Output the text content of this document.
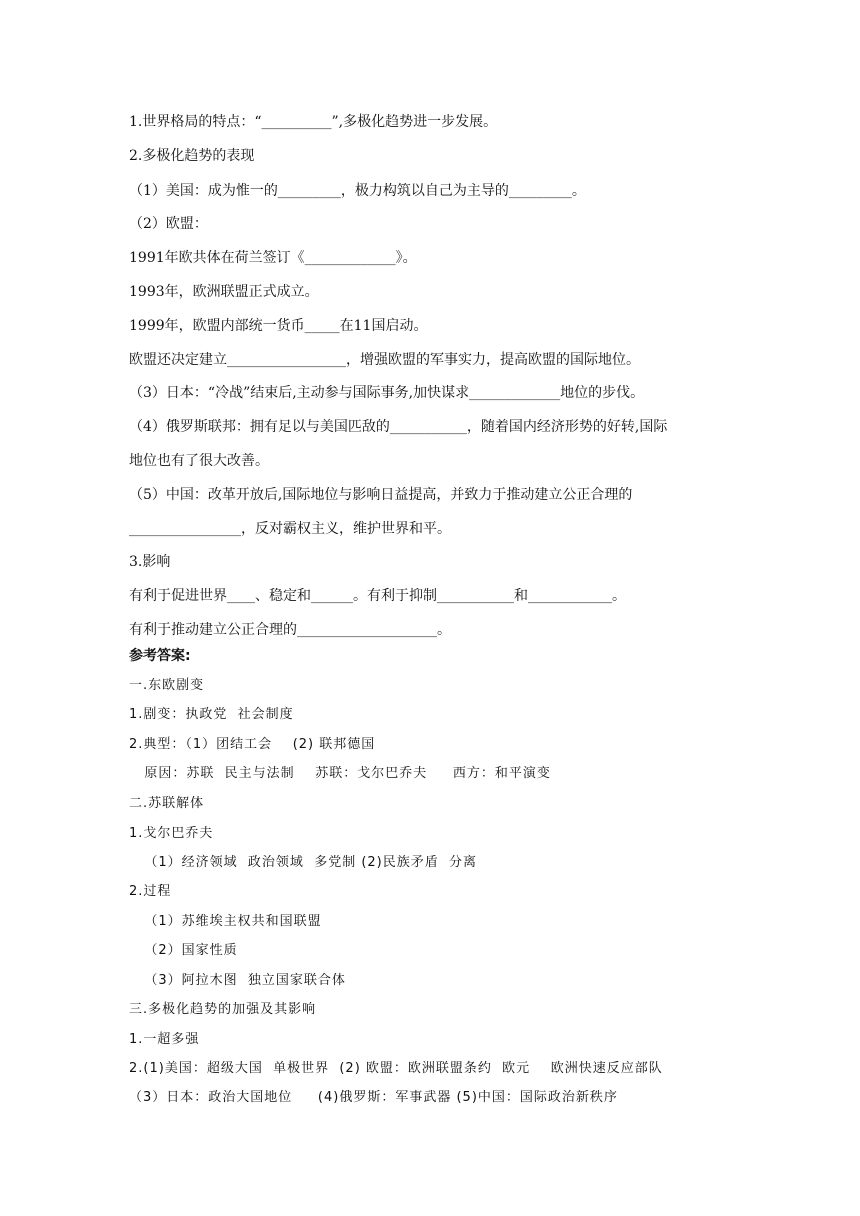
1.世界格局的特点：“__________”,多极化趋势进一步发展。
2.多极化趋势的表现
（1）美国：成为惟一的_________，极力构筑以自己为主导的_________。
（2）欧盟：
1991年欧共体在荷兰签订《_____________》。
1993年，欧洲联盟正式成立。
1999年，欧盟内部统一货币_____在11国启动。
欧盟还决定建立_________________，增强欧盟的军事实力，提高欧盟的国际地位。
（3）日本：“冷战”结束后,主动参与国际事务,加快谋求_____________地位的步伐。
（4）俄罗斯联邦：拥有足以与美国匹敌的___________，随着国内经济形势的好转,国际
地位也有了很大改善。
（5）中国：改革开放后,国际地位与影响日益提高，并致力于推动建立公正合理的
________________，反对霸权主义，维护世界和平。
3.影响
有利于促进世界____、稳定和______。有利于抑制___________和____________。
有利于推动建立公正合理的____________________。
参考答案:
一.东欧剧变
1.剧变：执政党  社会制度
2.典型：（1）团结工会    (2) 联邦德国
原因：苏联  民主与法制    苏联：戈尔巴乔夫     西方：和平演变
二.苏联解体
1.戈尔巴乔夫
（1）经济领域  政治领域  多党制 (2)民族矛盾  分离
2.过程
（1）苏维埃主权共和国联盟
（2）国家性质
（3）阿拉木图  独立国家联合体
三.多极化趋势的加强及其影响
1.一超多强
2.(1)美国：超级大国  单极世界  (2) 欧盟：欧洲联盟条约  欧元    欧洲快速反应部队
（3）日本：政治大国地位     (4)俄罗斯：军事武器 (5)中国：国际政治新秩序
